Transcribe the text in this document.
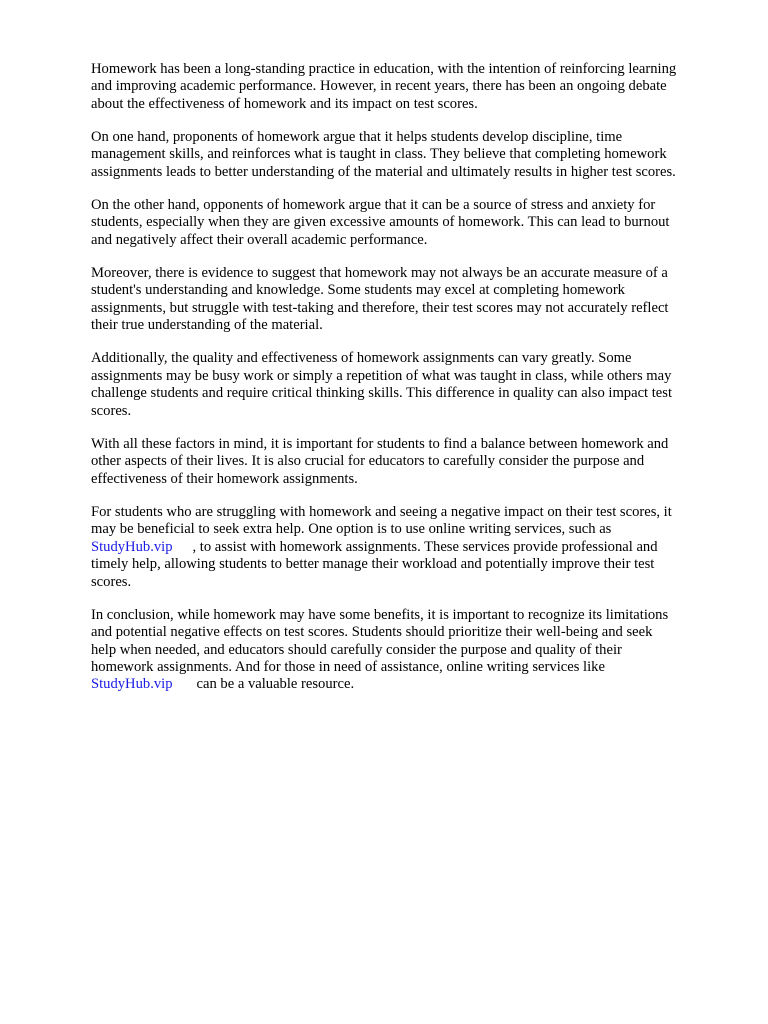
Homework has been a long-standing practice in education, with the intention of reinforcing learning
and improving academic performance. However, in recent years, there has been an ongoing debate
about the effectiveness of homework and its impact on test scores.

On one hand, proponents of homework argue that it helps students develop discipline, time
management skills, and reinforces what is taught in class. They believe that completing homework
assignments leads to better understanding of the material and ultimately results in higher test scores.

On the other hand, opponents of homework argue that it can be a source of stress and anxiety for
students, especially when they are given excessive amounts of homework. This can lead to burnout
and negatively affect their overall academic performance.

Moreover, there is evidence to suggest that homework may not always be an accurate measure of a
student's understanding and knowledge. Some students may excel at completing homework
assignments, but struggle with test-taking and therefore, their test scores may not accurately reflect
their true understanding of the material.

Additionally, the quality and effectiveness of homework assignments can vary greatly. Some
assignments may be busy work or simply a repetition of what was taught in class, while others may
challenge students and require critical thinking skills. This difference in quality can also impact test
scores.

With all these factors in mind, it is important for students to find a balance between homework and
other aspects of their lives. It is also crucial for educators to carefully consider the purpose and
effectiveness of their homework assignments.

For students who are struggling with homework and seeing a negative impact on their test scores, it
may be beneficial to seek extra help. One option is to use online writing services, such as
StudyHub.vip , to assist with homework assignments. These services provide professional and
timely help, allowing students to better manage their workload and potentially improve their test
scores.

In conclusion, while homework may have some benefits, it is important to recognize its limitations
and potential negative effects on test scores. Students should prioritize their well-being and seek
help when needed, and educators should carefully consider the purpose and quality of their
homework assignments. And for those in need of assistance, online writing services like
StudyHub.vip can be a valuable resource.
